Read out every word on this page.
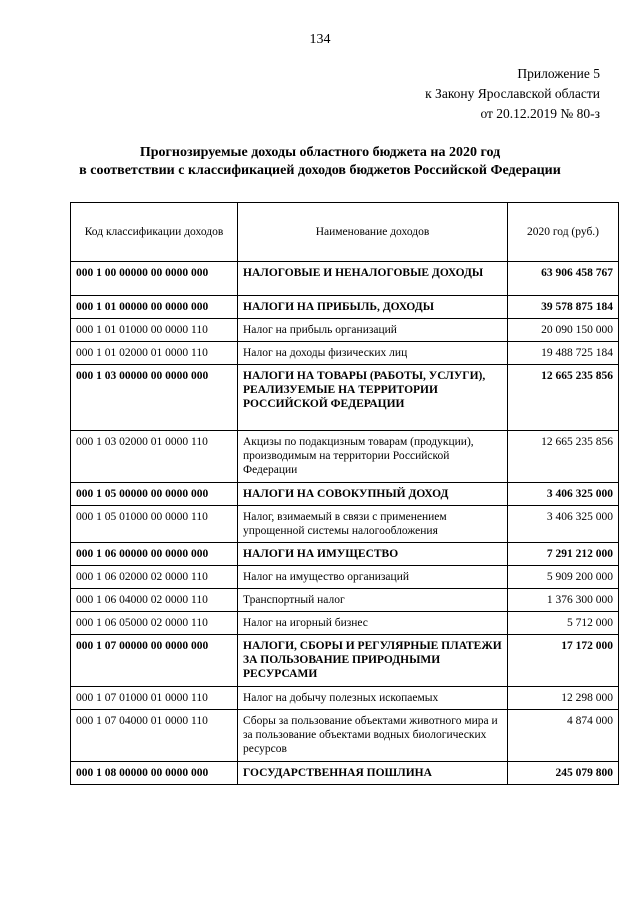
134
Приложение 5
к Закону Ярославской области
от 20.12.2019 № 80-з
Прогнозируемые доходы областного бюджета на 2020 год
в соответствии с классификацией доходов бюджетов Российской Федерации
Код классификации доходов	Наименование доходов	2020 год (руб.)
000 1 00 00000 00 0000 000	НАЛОГОВЫЕ И НЕНАЛОГОВЫЕ ДОХОДЫ	63 906 458 767
000 1 01 00000 00 0000 000	НАЛОГИ НА ПРИБЫЛЬ, ДОХОДЫ	39 578 875 184
000 1 01 01000 00 0000 110	Налог на прибыль организаций	20 090 150 000
000 1 01 02000 01 0000 110	Налог на доходы физических лиц	19 488 725 184
000 1 03 00000 00 0000 000	НАЛОГИ НА ТОВАРЫ (РАБОТЫ, УСЛУГИ), РЕАЛИЗУЕМЫЕ НА ТЕРРИТОРИИ РОССИЙСКОЙ ФЕДЕРАЦИИ	12 665 235 856
000 1 03 02000 01 0000 110	Акцизы по подакцизным товарам (продукции), производимым на территории Российской Федерации	12 665 235 856
000 1 05 00000 00 0000 000	НАЛОГИ НА СОВОКУПНЫЙ ДОХОД	3 406 325 000
000 1 05 01000 00 0000 110	Налог, взимаемый в связи с применением упрощенной системы налогообложения	3 406 325 000
000 1 06 00000 00 0000 000	НАЛОГИ НА ИМУЩЕСТВО	7 291 212 000
000 1 06 02000 02 0000 110	Налог на имущество организаций	5 909 200 000
000 1 06 04000 02 0000 110	Транспортный налог	1 376 300 000
000 1 06 05000 02 0000 110	Налог на игорный бизнес	5 712 000
000 1 07 00000 00 0000 000	НАЛОГИ, СБОРЫ И РЕГУЛЯРНЫЕ ПЛАТЕЖИ ЗА ПОЛЬЗОВАНИЕ ПРИРОДНЫМИ РЕСУРСАМИ	17 172 000
000 1 07 01000 01 0000 110	Налог на добычу полезных ископаемых	12 298 000
000 1 07 04000 01 0000 110	Сборы за пользование объектами животного мира и за пользование объектами водных биологических ресурсов	4 874 000
000 1 08 00000 00 0000 000	ГОСУДАРСТВЕННАЯ ПОШЛИНА	245 079 800
